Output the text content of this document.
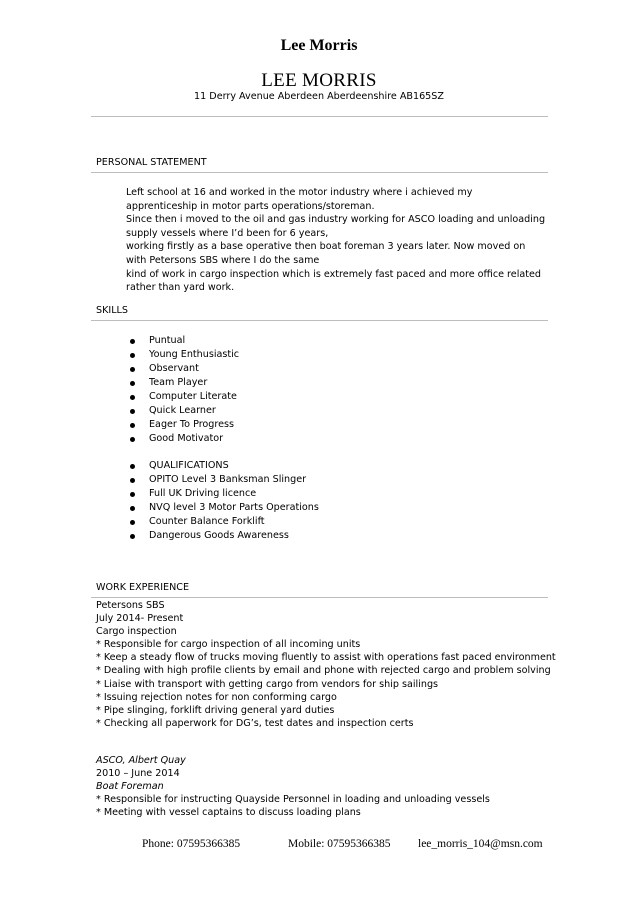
Lee Morris
LEE MORRIS
11 Derry Avenue Aberdeen Aberdeenshire AB165SZ
PERSONAL STATEMENT

Left school at 16 and worked in the motor industry where i achieved my apprenticeship in motor parts operations/storeman.

Since then i moved to the oil and gas industry working for ASCO loading and unloading supply vessels where I’d been for 6 years,

working firstly as a base operative then boat foreman 3 years later. Now moved on with Petersons SBS where I do the same

kind of work in cargo inspection which is extremely fast paced and more office related rather than yard work.

SKILLS
Puntual
Young Enthusiastic
Observant
Team Player
Computer Literate
Quick Learner
Eager To Progress
Good Motivator
QUALIFICATIONS
OPITO Level 3 Banksman Slinger
Full UK Driving licence
NVQ level 3 Motor Parts Operations
Counter Balance Forklift
Dangerous Goods Awareness
WORK EXPERIENCE
Petersons SBS
July 2014- Present
Cargo inspection
* Responsible for cargo inspection of all incoming units
* Keep a steady flow of trucks moving fluently to assist with operations fast paced environment
* Dealing with high profile clients by email and phone with rejected cargo and problem solving
* Liaise with transport with getting cargo from vendors for ship sailings
* Issuing rejection notes for non conforming cargo
* Pipe slinging, forklift driving general yard duties
* Checking all paperwork for DG’s, test dates and inspection certs
ASCO, Albert Quay
2010 – June 2014
Boat Foreman
* Responsible for instructing Quayside Personnel in loading and unloading vessels
* Meeting with vessel captains to discuss loading plans
Phone: 07595366385	Mobile: 07595366385 lee_morris_104@msn.com
